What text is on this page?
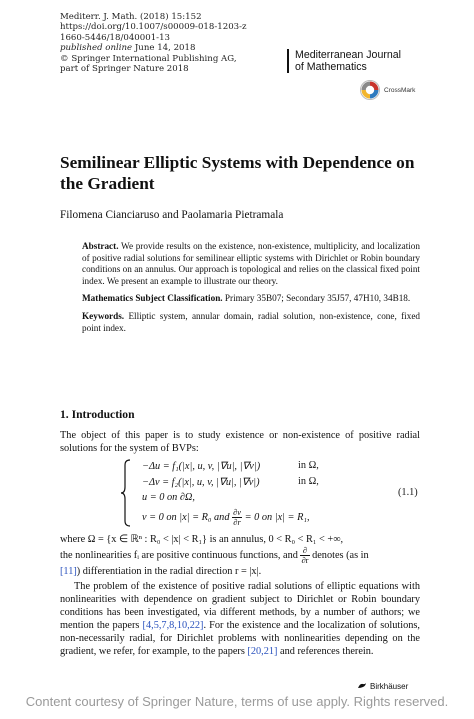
Mediterr. J. Math. (2018) 15:152
https://doi.org/10.1007/s00009-018-1203-z
1660-5446/18/040001-13
published online June 14, 2018
© Springer International Publishing AG,
part of Springer Nature 2018
Mediterranean Journal
of Mathematics
CrossMark
Semilinear Elliptic Systems with Dependence on the Gradient
Filomena Cianciaruso and Paolamaria Pietramala

Abstract. We provide results on the existence, non-existence, multiplicity, and localization of positive radial solutions for semilinear elliptic systems with Dirichlet or Robin boundary conditions on an annulus. Our approach is topological and relies on the classical fixed point index. We present an example to illustrate our theory.

Mathematics Subject Classification. Primary 35B07; Secondary 35J57, 47H10, 34B18.

Keywords. Elliptic system, annular domain, radial solution, non-existence, cone, fixed point index.

1. Introduction
The object of this paper is to study existence or non-existence of positive radial solutions for the system of BVPs:
−Δu = f₁(|x|, u, v, |∇u|, |∇v|)	in Ω,
−Δv = f₂(|x|, u, v, |∇u|, |∇v|)	in Ω,
u = 0 on ∂Ω,
v = 0 on |x| = R₀ and $\frac{\partial v}{\partial r} = 0$ on |x| = R₁,
(1.1)
where Ω = {x ∈ ℝⁿ : R₀ < |x| < R₁} is an annulus, 0 < R₀ < R₁ < +∞,
the nonlinearities fᵢ are positive continuous functions, and $\frac{\partial}{\partial r}$ denotes (as in
[11]) differentiation in the radial direction r = |x|.
The problem of the existence of positive radial solutions of elliptic equations with nonlinearities with dependence on gradient subject to Dirichlet or Robin boundary conditions has been investigated, via different methods, by a number of authors; we mention the papers [4,5,7,8,10,22]. For the existence and the localization of solutions, non-necessarily radial, for Dirichlet problems with nonlinearities depending on the gradient, we refer, for example, to the papers [20,21] and references therein.
Birkhäuser
Content courtesy of Springer Nature, terms of use apply. Rights reserved.
